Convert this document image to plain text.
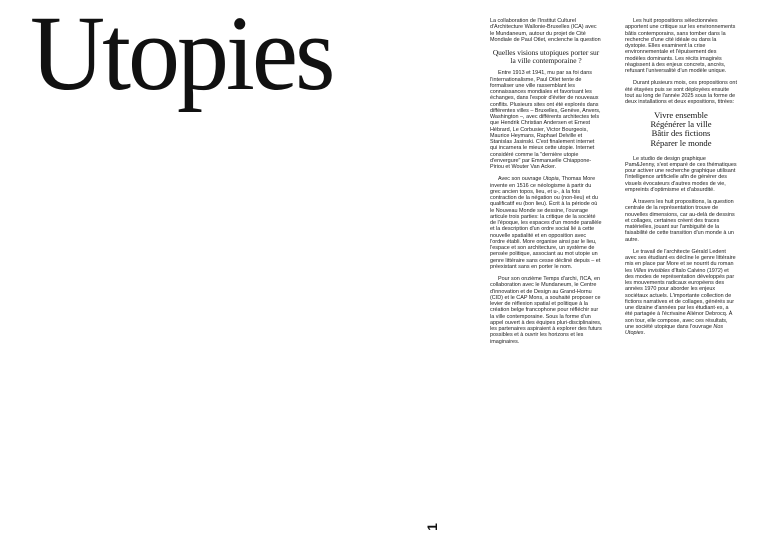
Utopies	La collaboration de l'Institut Culturel d'Architecture Wallonie-Bruxelles (ICA) avec le Mundaneum, autour du projet de Cité Mondiale de Paul Otlet, enclenche la question

Quelles visions utopiques porter sur la ville contemporaine ?

Entre 1913 et 1941, mu par sa foi dans l'internationalisme, Paul Otlet tente de formaliser une ville rassemblant les connaissances mondiales et favorisant les échanges, dans l'espoir d'éviter de nouveaux conflits. Plusieurs sites ont été explorés dans différentes villes – Bruxelles, Genève, Anvers, Washington –, avec différents architectes tels que Hendrik Christian Andersen et Ernest Hébrard, Le Corbusier, Victor Bourgeois, Maurice Heymans, Raphael Delville et Stanislas Jasinski. C'est finalement internet qui incarnera le mieux cette utopie. Internet considéré comme la "dernière utopie d'envergure" par Emmanuelle Chiappone-Piriou et Wouter Van Acker.

Avec son ouvrage Utopia, Thomas More invente en 1516 ce néologisme à partir du grec ancien topos, lieu, et u-, à la fois contraction de la négation ou (non-lieu) et du qualificatif eu (bon lieu). Écrit à la période où le Nouveau Monde se dessine, l'ouvrage articule trois parties: la critique de la société de l'époque, les espaces d'un monde parallèle et la description d'un ordre social lié à cette nouvelle spatialité et en opposition avec l'ordre établi. More organise ainsi par le lieu, l'espace et son architecture, un système de pensée politique, associant au mot utopie un genre littéraire sans cesse décliné depuis – et préexistant sans en porter le nom.

Pour son onzième Temps d'archi, l'ICA, en collaboration avec le Mundaneum, le Centre d'innovation et de Design au Grand-Hornu (CID) et le CAP Mons, a souhaité proposer ce levier de réflexion spatial et politique à la création belge francophone pour réfléchir sur la ville contemporaine. Sous la forme d'un appel ouvert à des équipes pluri-disciplinaires, les partenaires aspiraient à explorer des futurs possibles et à ouvrir les horizons et les imaginaires.

Les huit propositions sélectionnées apportent une critique sur les environnements bâtis contemporains, sans tomber dans la recherche d'une cité idéale ou dans la dystopie. Elles examinent la crise environnementale et l'épuisement des modèles dominants. Les récits imaginés réagissent à des enjeux concrets, ancrés, refusant l'universalité d'un modèle unique.

Durant plusieurs mois, ces propositions ont été étayées puis se sont déployées ensuite tout au long de l'année 2025 sous la forme de deux installations et deux expositions, titrées:

Vivre ensemble
Régénérer la ville
Bâtir des fictions
Réparer le monde

Le studio de design graphique Pam&Jenny, s'est emparé de ces thématiques pour activer une recherche graphique utilisant l'intelligence artificielle afin de générer des visuels évocateurs d'autres modes de vie, empreints d'optimisme et d'absurdité.

À travers les huit propositions, la question centrale de la représentation trouve de nouvelles dimensions, car au-delà de dessins et collages, certaines créent des traces matérielles, jouant sur l'ambiguïté de la faisabilité de cette transition d'un monde à un autre.

Le travail de l'architecte Gérald Ledent avec ses étudiant·es décline le genre littéraire mis en place par More et se nourrit du roman les Villes invisibles d'Italo Calvino (1972) et des modes de représentation développés par les mouvements radicaux européens des années 1970 pour aborder les enjeux sociétaux actuels. L'importante collection de fictions narratives et de collages, générés sur une dizaine d'années par les étudiant·es, a été partagée à l'écrivaine Aliénor Debrocq. À son tour, elle compose, avec ces résultats, une société utopique dans l'ouvrage Nos Utopies.

1
